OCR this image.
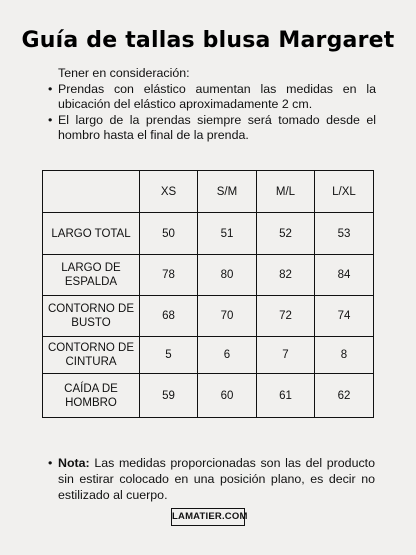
Guía de tallas blusa Margaret

Tener en consideración:

• Prendas con elástico aumentan las medidas en la ubicación del elástico aproximadamente 2 cm.
• El largo de la prendas siempre será tomado desde el hombro hasta el final de la prenda.
	XS	S/M	M/L	L/XL
LARGO TOTAL	50	51	52	53
LARGO DE ESPALDA	78	80	82	84
CONTORNO DE BUSTO	68	70	72	74
CONTORNO DE CINTURA	5	6	7	8
CAÍDA DE HOMBRO	59	60	61	62
• Nota: Las medidas proporcionadas son las del producto sin estirar colocado en una posición plano, es decir no estilizado al cuerpo.
LAMATIER.COM
